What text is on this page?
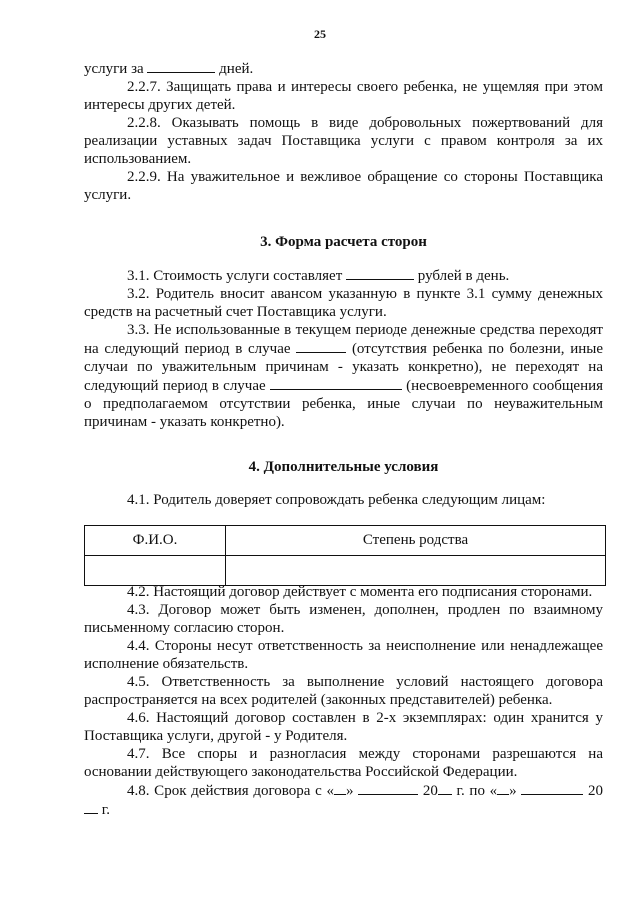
25

услуги за	дней.

2.2.7. Защищать права и интересы своего ребенка, не ущемляя при этом интересы других детей.

2.2.8. Оказывать помощь в виде добровольных пожертвований для реализации уставных задач Поставщика услуги с правом контроля за их использованием.

2.2.9. На уважительное и вежливое обращение со стороны Поставщика услуги.

3. Форма расчета сторон

3.1. Стоимость услуги составляет	рублей в день.

3.2. Родитель вносит авансом указанную в пункте 3.1 сумму денежных средств на расчетный счет Поставщика услуги.

3.3. Не использованные в текущем периоде денежные средства переходят на следующий период в случае	(отсутствия ребенка по болезни, иные случаи по уважительным причинам - указать конкретно), не переходят на следующий период в случае	(несвоевременного сообщения о предполагаемом отсутствии ребенка, иные случаи по неуважительным причинам - указать конкретно).

4. Дополнительные условия

4.1. Родитель доверяет сопровождать ребенка следующим лицам:

Ф.И.О.	Степень родства

4.2. Настоящий договор действует с момента его подписания сторонами.

4.3. Договор может быть изменен, дополнен, продлен по взаимному письменному согласию сторон.

4.4. Стороны несут ответственность за неисполнение или ненадлежащее исполнение обязательств.

4.5. Ответственность за выполнение условий настоящего договора распространяется на всех родителей (законных представителей) ребенка.

4.6. Настоящий договор составлен в 2-х экземплярах: один хранится у Поставщика услуги, другой - у Родителя.

4.7. Все споры и разногласия между сторонами разрешаются на основании действующего законодательства Российской Федерации.

4.8. Срок действия договора с « »	20 г. по « »	20 г.
